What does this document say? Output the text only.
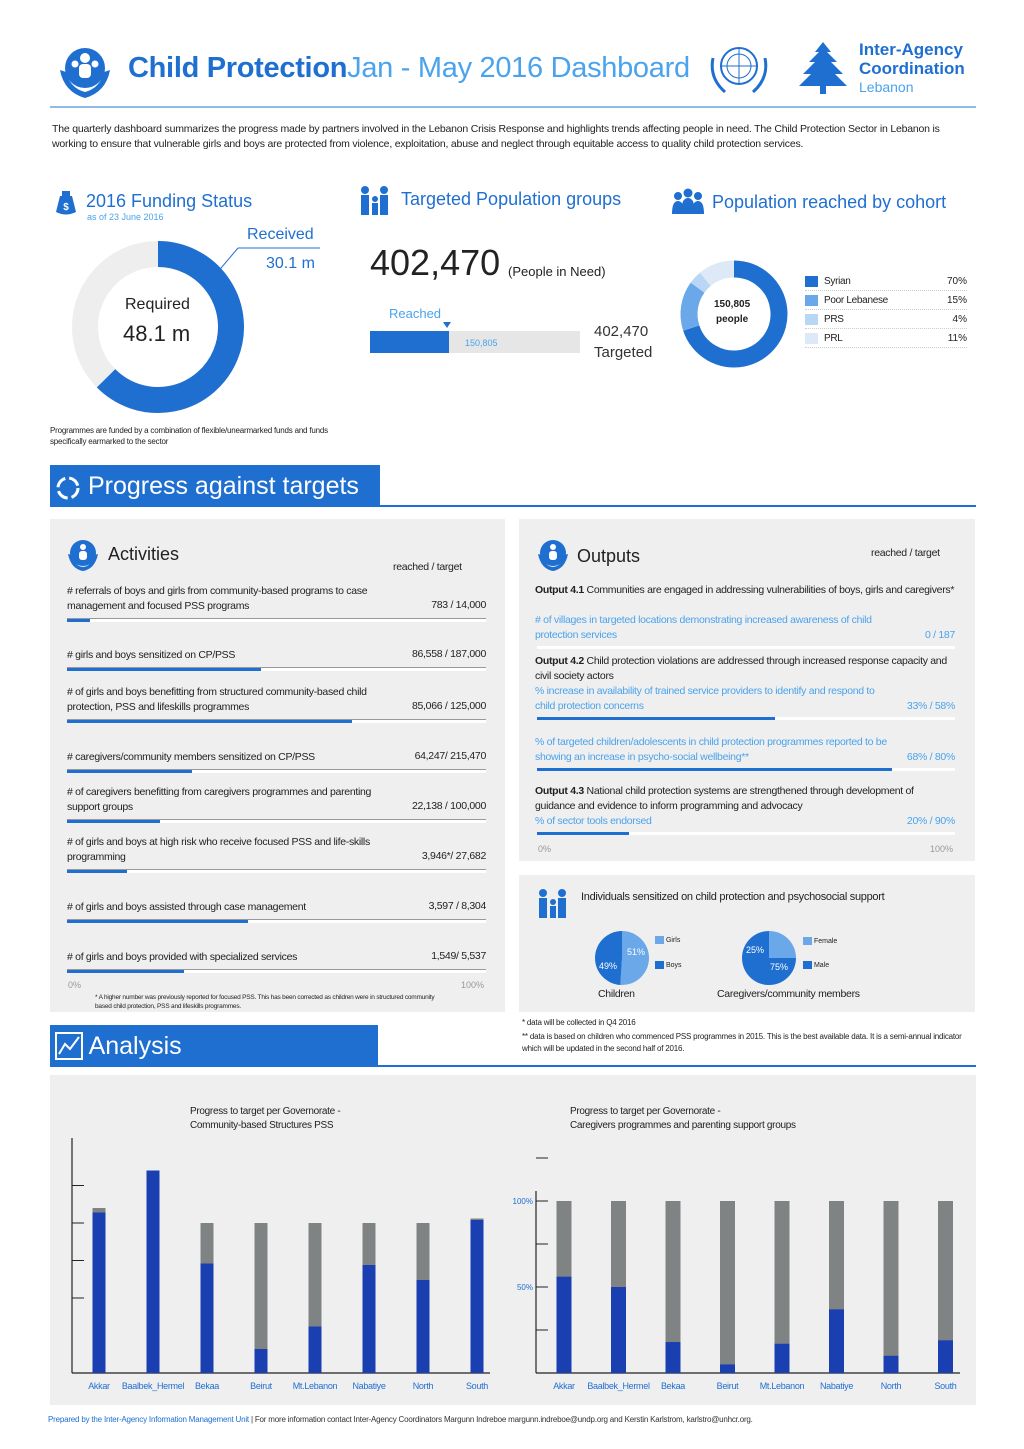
Child ProtectionJan - May 2016 Dashboard
Inter-Agency
Coordination
Lebanon
The quarterly dashboard summarizes the progress made by partners involved in the Lebanon Crisis Response and highlights trends affecting people in need. The Child Protection Sector in Lebanon is working to ensure that vulnerable girls and boys are protected from violence, exploitation, abuse and neglect through equitable access to quality child protection services.
$ 2016 Funding Status
as of 23 June 2016
Received
30.1 m
Required
48.1 m
Programmes are funded by a combination of flexible/unearmarked funds and funds specifically earmarked to the sector
Targeted Population groups
402,470 (People in Need)
Reached
150,805
402,470
Targeted
Population reached by cohort
150,805
people
Syrian	70%
Poor Lebanese	15%
PRS	4%
PRL	11%
Progress against targets
Activities
reached / target
# referrals of boys and girls from community-based programs to case management and focused PSS programs	783 / 14,000
# girls and boys sensitized on CP/PSS	86,558 / 187,000
# of girls and boys benefitting from structured community-based child protection, PSS and lifeskills programmes	85,066 / 125,000
# caregivers/community members sensitized on CP/PSS	64,247/ 215,470
# of caregivers benefitting from caregivers programmes and parenting support groups	22,138 / 100,000
# of girls and boys at high risk who receive focused PSS and life-skills programming	3,946*/ 27,682
# of girls and boys assisted through case management	3,597 / 8,304
# of girls and boys provided with specialized services	1,549/ 5,537
0%	100%
* A higher number was previously reported for focused PSS. This has been corrected as children were in structured community based child protection, PSS and lifeskills programmes.
Outputs	reached / target
Output 4.1 Communities are engaged in addressing vulnerabilities of boys, girls and caregivers*
# of villages in targeted locations demonstrating increased awareness of child protection services	0 / 187
Output 4.2 Child protection violations are addressed through increased response capacity and civil society actors
% increase in availability of trained service providers to identify and respond to child protection concerns	33% / 58%
% of targeted children/adolescents in child protection programmes reported to be showing an increase in psycho-social wellbeing**	68% / 80%
Output 4.3 National child protection systems are strengthened through development of guidance and evidence to inform programming and advocacy
% of sector tools endorsed	20% / 90%
0%	100%
Individuals sensitized on child protection and psychosocial support
51%
49%
Girls
Boys
Children
25%
75%
Female
Male
Caregivers/community members
* data will be collected in Q4 2016
** data is based on children who commenced PSS programmes in 2015. This is the best available data. It is a semi-annual indicator which will be updated in the second half of 2016.
Analysis
Progress to target per Governorate -Community-based Structures PSS
Akkar Baalbek_Hermel Bekaa	Beirut Mt.Lebanon Nabatiye	North	South
100%
50%
Progress to target per Governorate -Caregivers programmes and parenting support groups
Akkar Baalbek_Hermel Bekaa	Beirut Mt.Lebanon Nabatiye	North	South
Prepared by the Inter-Agency Information Management Unit | For more information contact Inter-Agency Coordinators Margunn Indreboe margunn.indreboe@undp.org and Kerstin Karlstrom, karlstro@unhcr.org.
